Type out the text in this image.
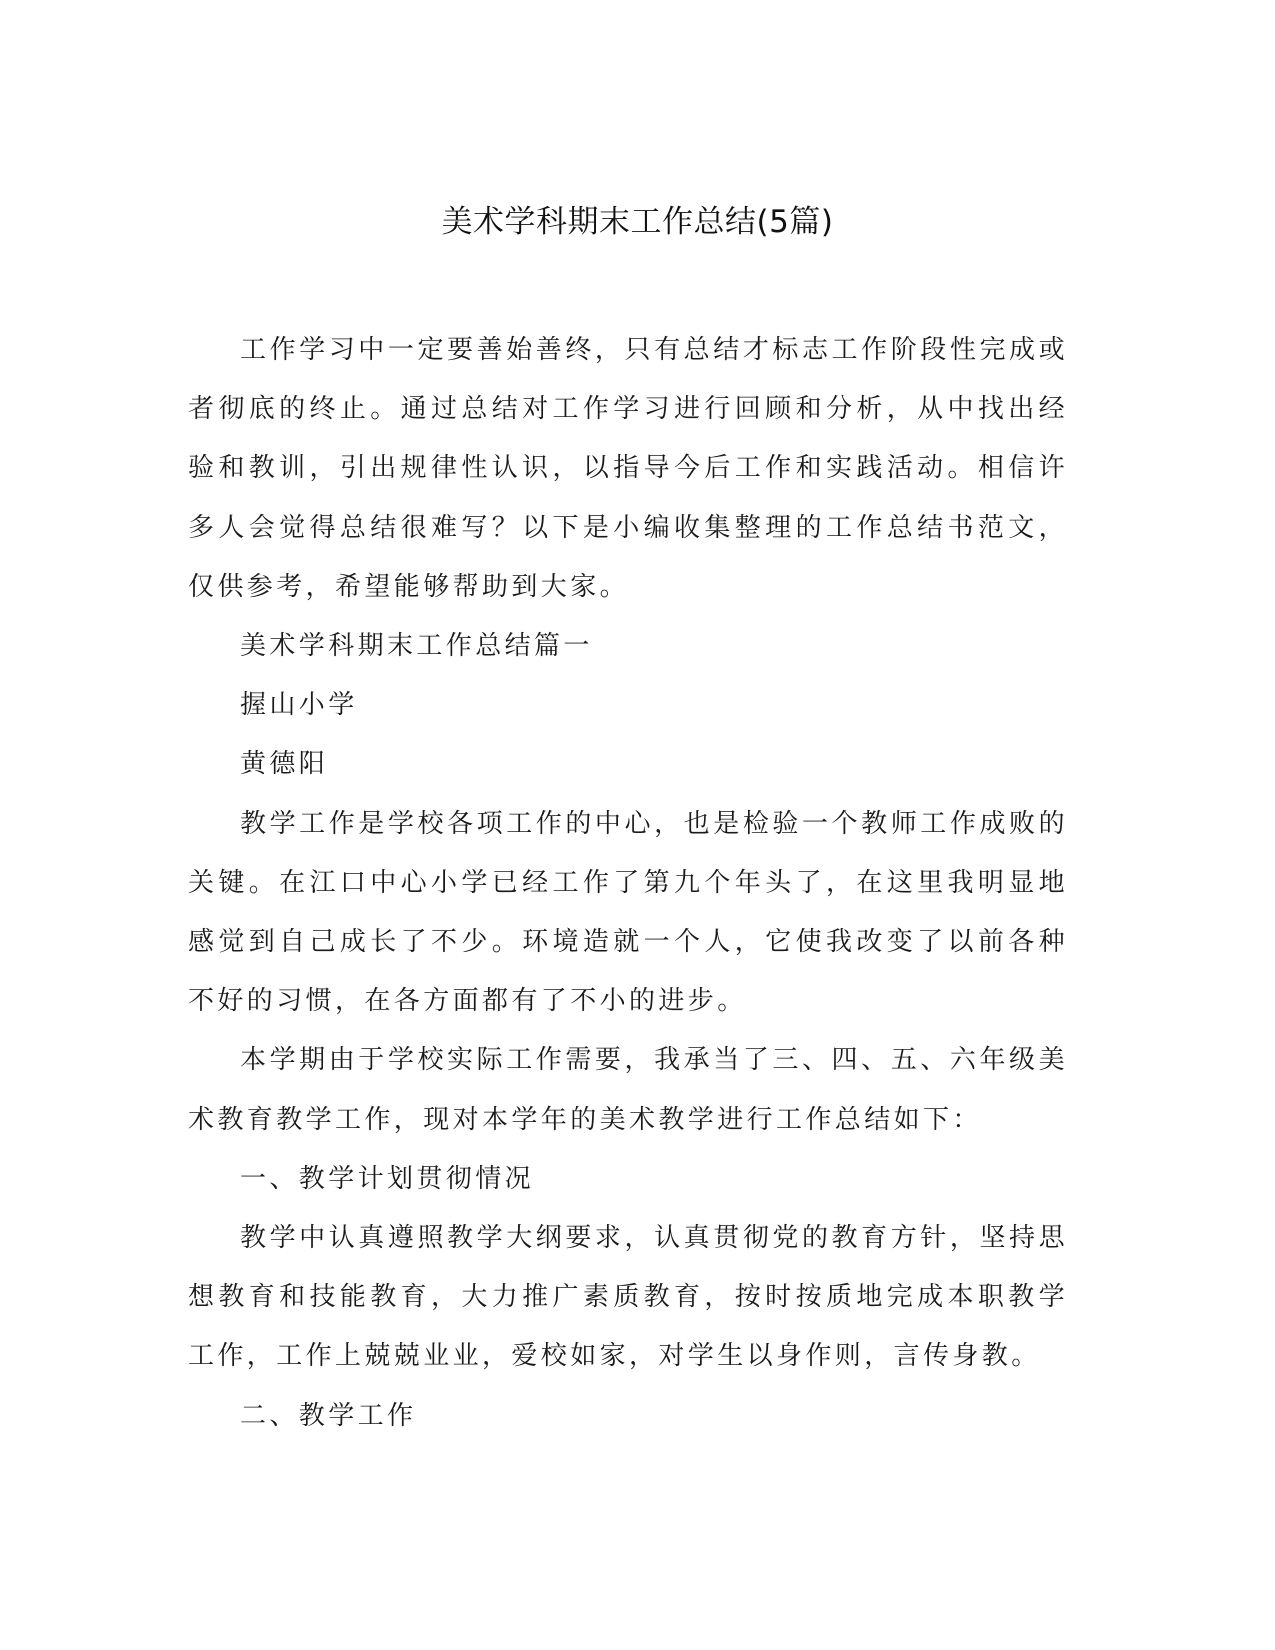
美术学科期末工作总结(5篇)

工作学习中一定要善始善终，只有总结才标志工作阶段性完成或者彻底的终止。通过总结对工作学习进行回顾和分析，从中找出经验和教训，引出规律性认识，以指导今后工作和实践活动。相信许多人会觉得总结很难写？以下是小编收集整理的工作总结书范文，仅供参考，希望能够帮助到大家。

美术学科期末工作总结篇一

握山小学

黄德阳

教学工作是学校各项工作的中心，也是检验一个教师工作成败的关键。在江口中心小学已经工作了第九个年头了，在这里我明显地感觉到自己成长了不少。环境造就一个人，它使我改变了以前各种不好的习惯，在各方面都有了不小的进步。

本学期由于学校实际工作需要，我承当了三、四、五、六年级美术教育教学工作，现对本学年的美术教学进行工作总结如下：

一、教学计划贯彻情况

教学中认真遵照教学大纲要求，认真贯彻党的教育方针，坚持思想教育和技能教育，大力推广素质教育，按时按质地完成本职教学工作，工作上兢兢业业，爱校如家，对学生以身作则，言传身教。

二、教学工作
